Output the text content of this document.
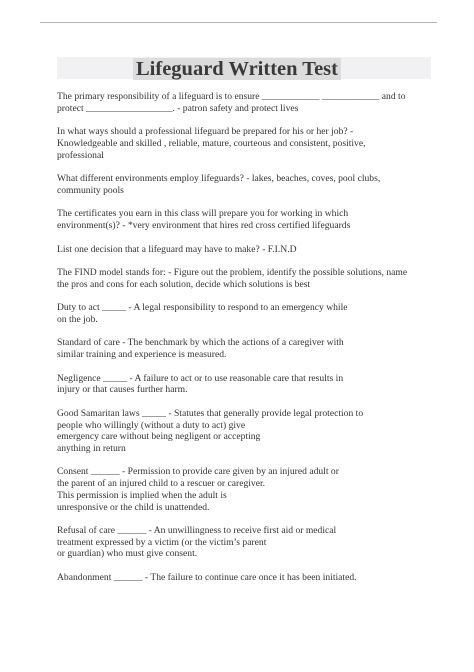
Lifeguard Written Test
The primary responsibility of a lifeguard is to ensure ____________ ____________ and to
protect __________________. - patron safety and protect lives
In what ways should a professional lifeguard be prepared for his or her job? -
Knowledgeable and skilled , reliable, mature, courteous and consistent, positive,
professional
What different environments employ lifeguards? - lakes, beaches, coves, pool clubs,
community pools
The certificates you earn in this class will prepare you for working in which
environment(s)? - *very environment that hires red cross certified lifeguards
List one decision that a lifeguard may have to make? - F.I.N.D
The FIND model stands for: - Figure out the problem, identify the possible solutions, name
the pros and cons for each solution, decide which solutions is best
Duty to act _____ - A legal responsibility to respond to an emergency while
on the job.
Standard of care - The benchmark by which the actions of a caregiver with
similar training and experience is measured.
Negligence _____ - A failure to act or to use reasonable care that results in
injury or that causes further harm.
Good Samaritan laws _____ - Statutes that generally provide legal protection to
people who willingly (without a duty to act) give
emergency care without being negligent or accepting
anything in return
Consent ______ - Permission to provide care given by an injured adult or
the parent of an injured child to a rescuer or caregiver.
This permission is implied when the adult is
unresponsive or the child is unattended.
Refusal of care ______ - An unwillingness to receive first aid or medical
treatment expressed by a victim (or the victim’s parent
or guardian) who must give consent.
Abandonment ______ - The failure to continue care once it has been initiated.
